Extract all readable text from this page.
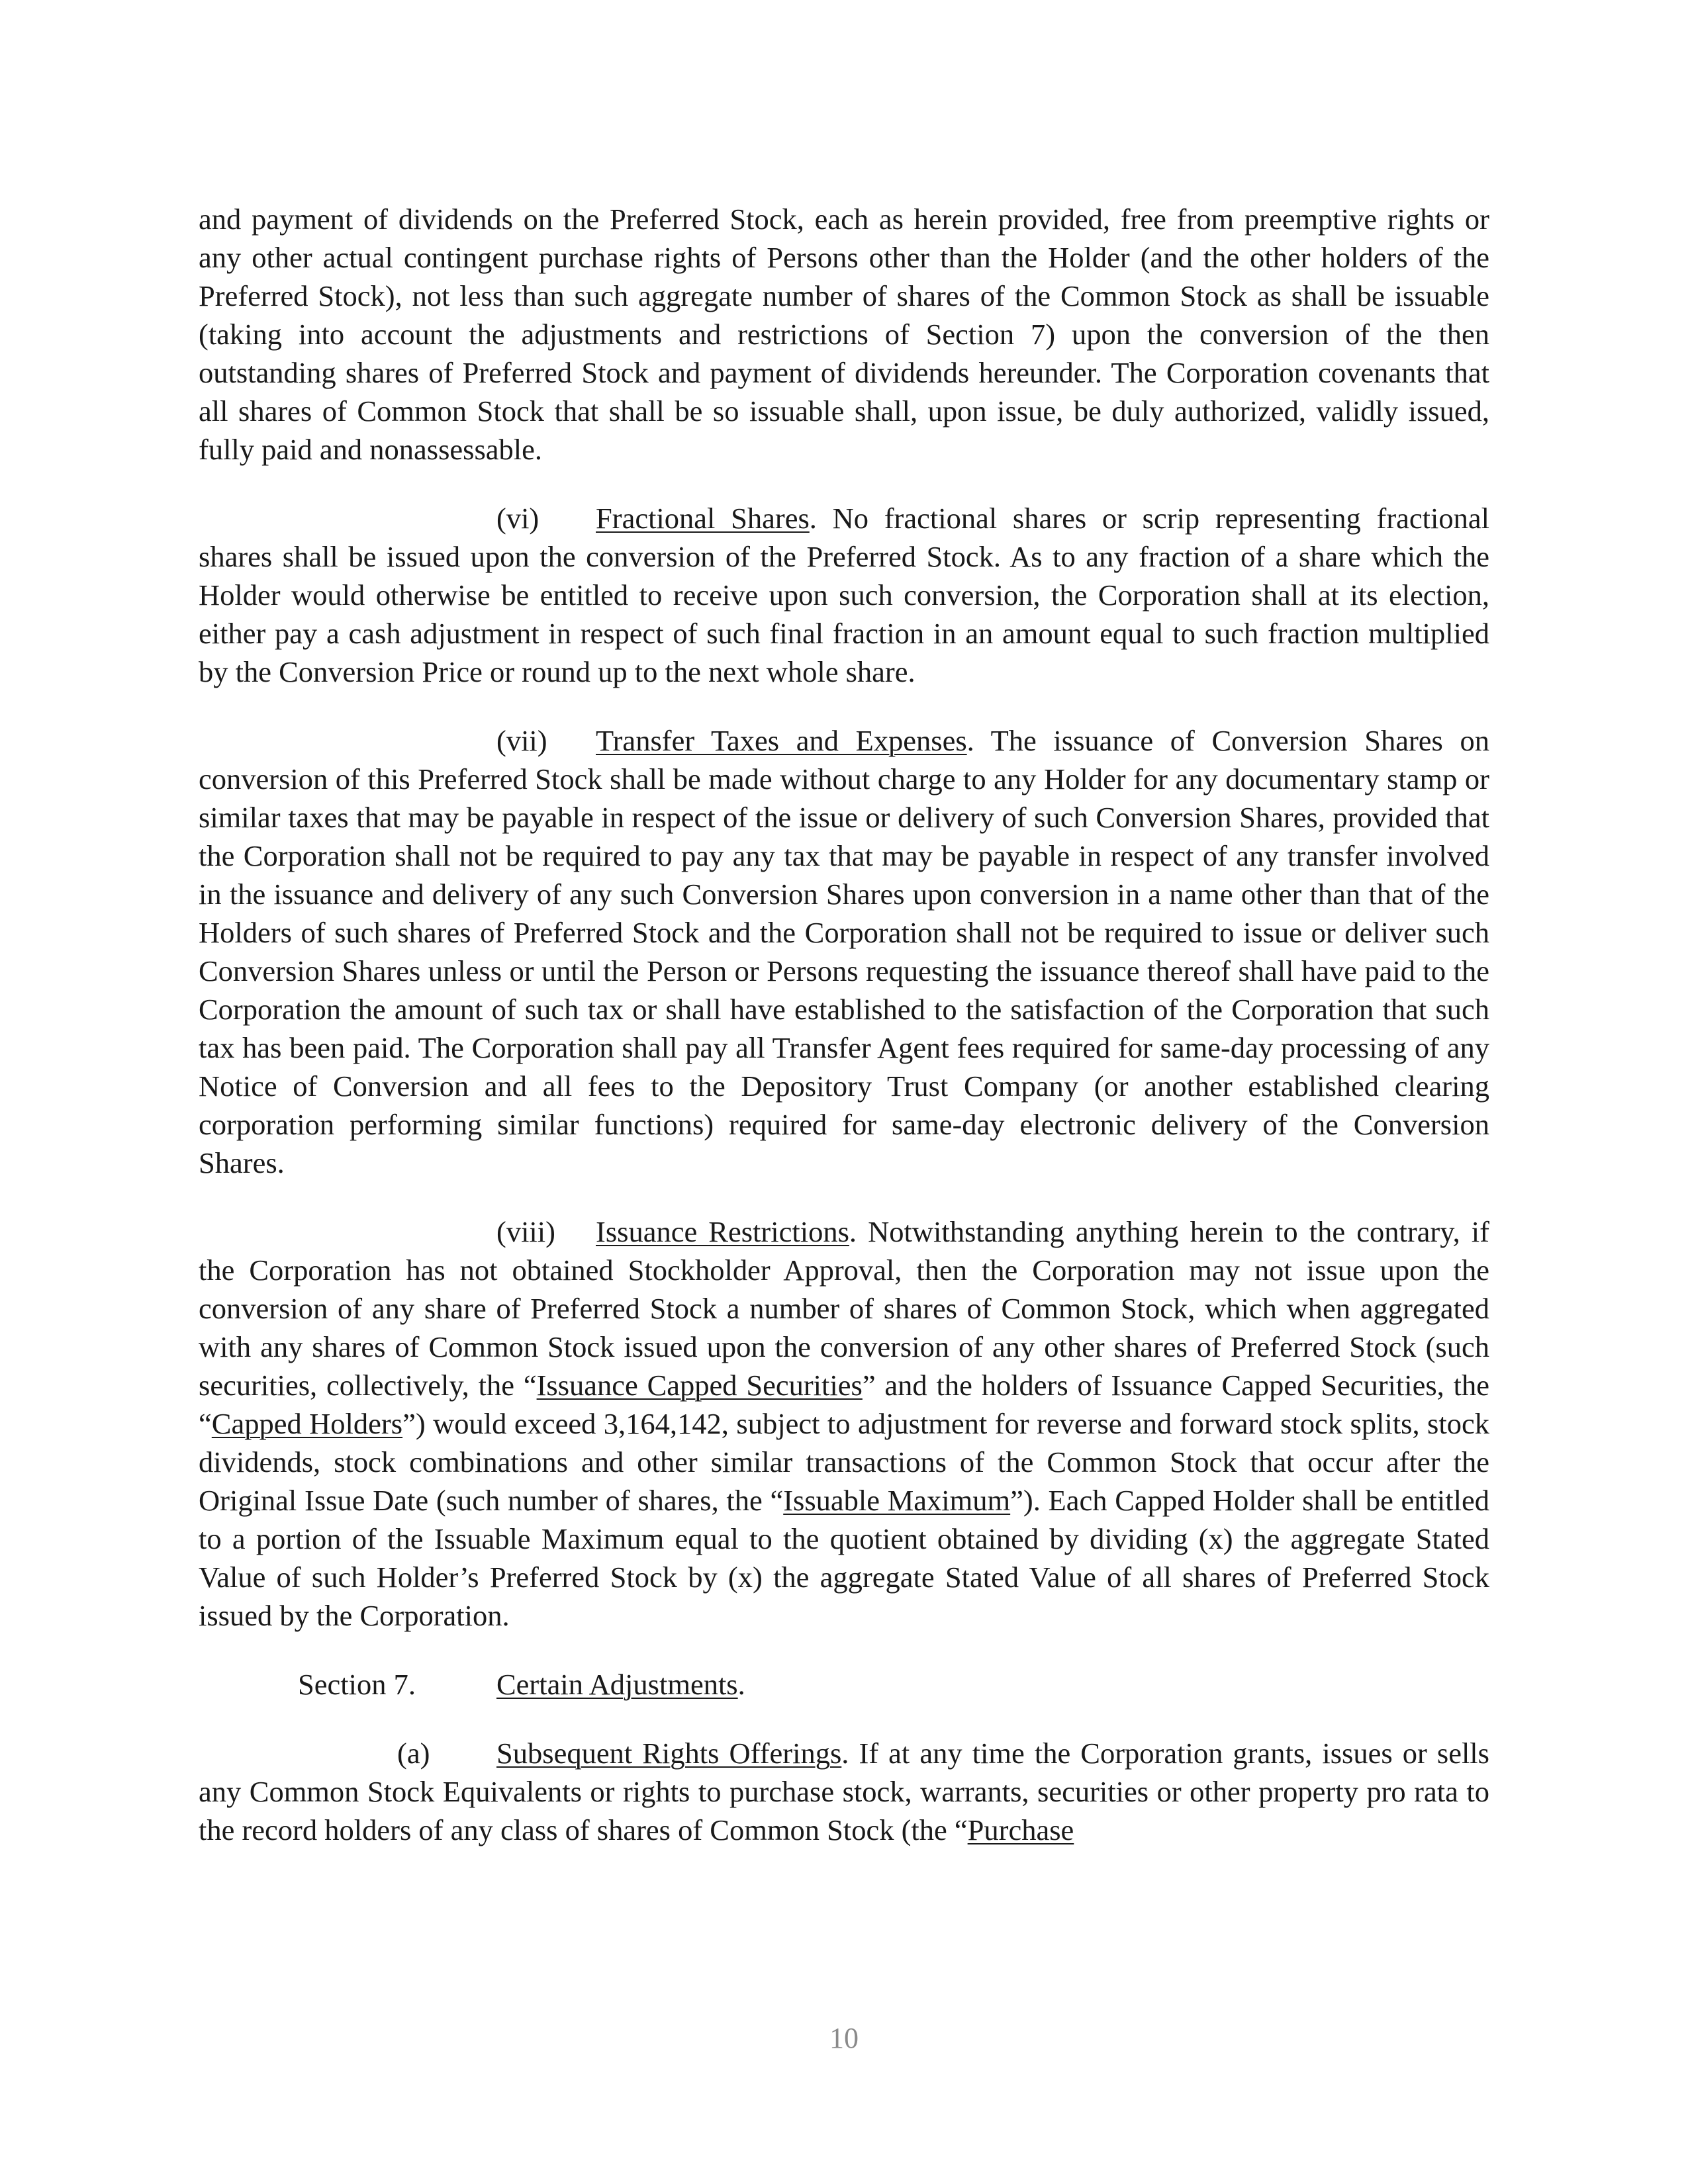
and payment of dividends on the Preferred Stock, each as herein provided, free from preemptive rights or any other actual contingent purchase rights of Persons other than the Holder (and the other holders of the Preferred Stock), not less than such aggregate number of shares of the Common Stock as shall be issuable (taking into account the adjustments and restrictions of Section 7) upon the conversion of the then outstanding shares of Preferred Stock and payment of dividends hereunder. The Corporation covenants that all shares of Common Stock that shall be so issuable shall, upon issue, be duly authorized, validly issued, fully paid and nonassessable.

(vi) Fractional Shares. No fractional shares or scrip representing fractional shares shall be issued upon the conversion of the Preferred Stock. As to any fraction of a share which the Holder would otherwise be entitled to receive upon such conversion, the Corporation shall at its election, either pay a cash adjustment in respect of such final fraction in an amount equal to such fraction multiplied by the Conversion Price or round up to the next whole share.

(vii) Transfer Taxes and Expenses. The issuance of Conversion Shares on conversion of this Preferred Stock shall be made without charge to any Holder for any documentary stamp or similar taxes that may be payable in respect of the issue or delivery of such Conversion Shares, provided that the Corporation shall not be required to pay any tax that may be payable in respect of any transfer involved in the issuance and delivery of any such Conversion Shares upon conversion in a name other than that of the Holders of such shares of Preferred Stock and the Corporation shall not be required to issue or deliver such Conversion Shares unless or until the Person or Persons requesting the issuance thereof shall have paid to the Corporation the amount of such tax or shall have established to the satisfaction of the Corporation that such tax has been paid. The Corporation shall pay all Transfer Agent fees required for same-day processing of any Notice of Conversion and all fees to the Depository Trust Company (or another established clearing corporation performing similar functions) required for same-day electronic delivery of the Conversion Shares.

(viii) Issuance Restrictions. Notwithstanding anything herein to the contrary, if the Corporation has not obtained Stockholder Approval, then the Corporation may not issue upon the conversion of any share of Preferred Stock a number of shares of Common Stock, which when aggregated with any shares of Common Stock issued upon the conversion of any other shares of Preferred Stock (such securities, collectively, the “Issuance Capped Securities” and the holders of Issuance Capped Securities, the “Capped Holders”) would exceed 3,164,142, subject to adjustment for reverse and forward stock splits, stock dividends, stock combinations and other similar transactions of the Common Stock that occur after the Original Issue Date (such number of shares, the “Issuable Maximum”). Each Capped Holder shall be entitled to a portion of the Issuable Maximum equal to the quotient obtained by dividing (x) the aggregate Stated Value of such Holder’s Preferred Stock by (x) the aggregate Stated Value of all shares of Preferred Stock issued by the Corporation.

Section 7.	Certain Adjustments.

(a) Subsequent Rights Offerings. If at any time the Corporation grants, issues or sells any Common Stock Equivalents or rights to purchase stock, warrants, securities or other property pro rata to the record holders of any class of shares of Common Stock (the “Purchase

10
